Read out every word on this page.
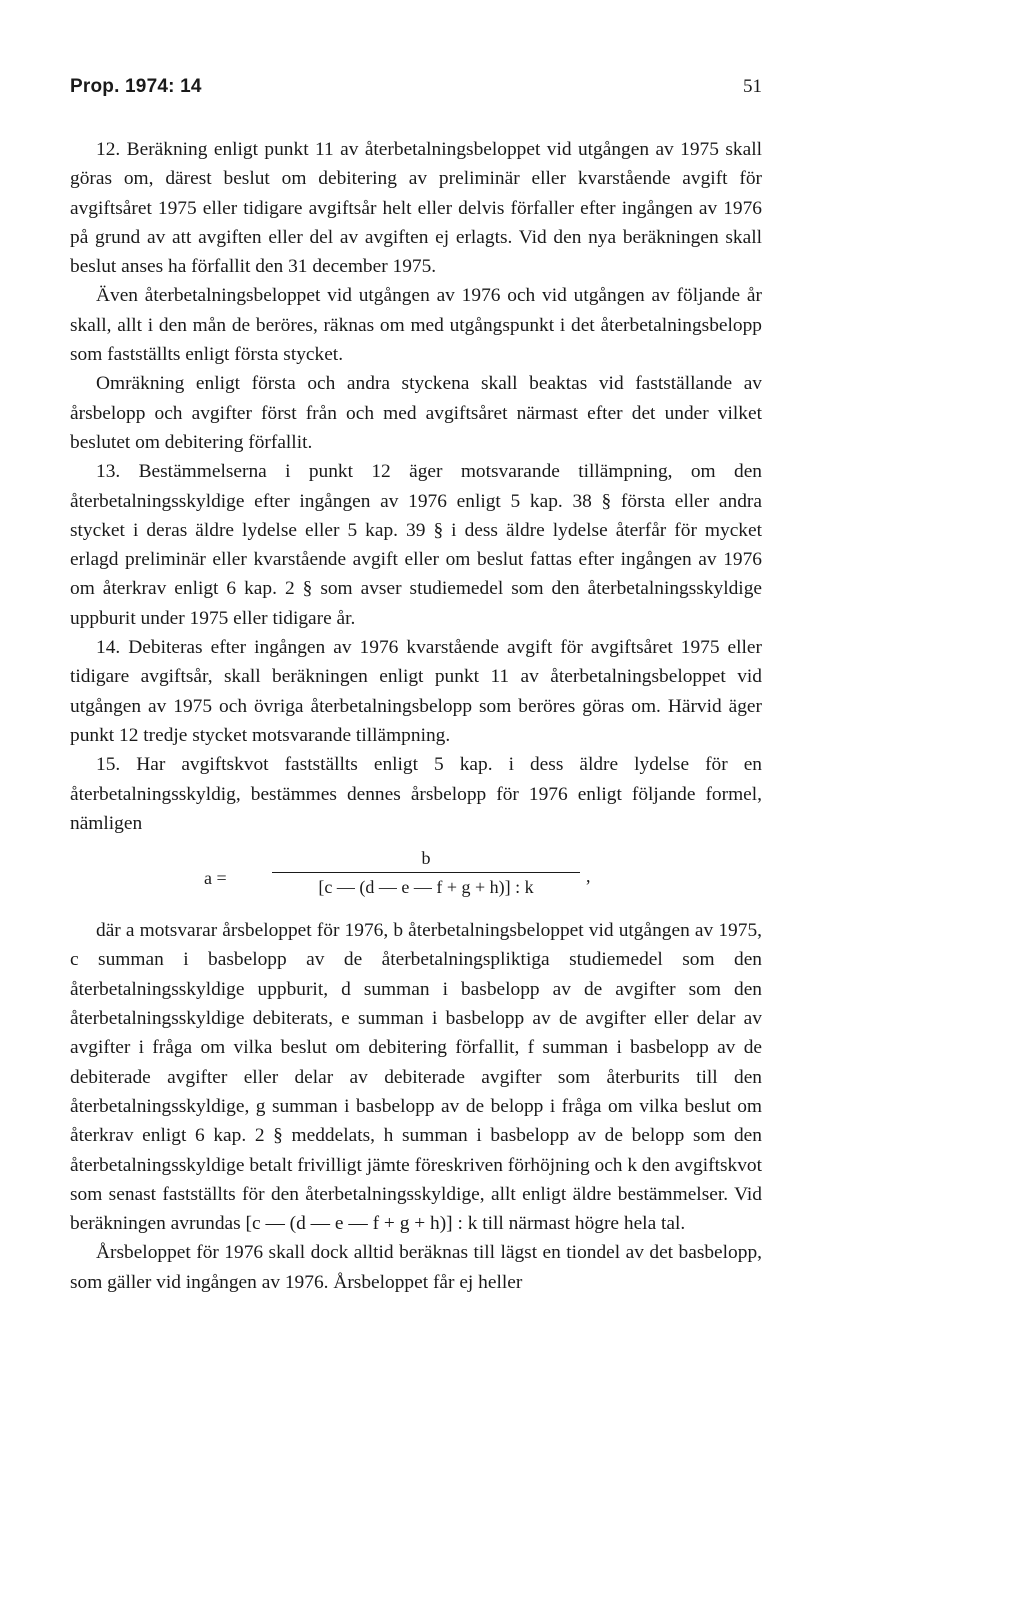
Prop. 1974: 14	51

12. Beräkning enligt punkt 11 av återbetalningsbeloppet vid utgången av 1975 skall göras om, därest beslut om debitering av preliminär eller kvarstående avgift för avgiftsåret 1975 eller tidigare avgiftsår helt eller delvis förfaller efter ingången av 1976 på grund av att avgiften eller del av avgiften ej erlagts. Vid den nya beräkningen skall beslut anses ha förfallit den 31 december 1975.

Även återbetalningsbeloppet vid utgången av 1976 och vid utgången av följande år skall, allt i den mån de beröres, räknas om med utgångspunkt i det återbetalningsbelopp som fastställts enligt första stycket.

Omräkning enligt första och andra styckena skall beaktas vid fastställande av årsbelopp och avgifter först från och med avgiftsåret närmast efter det under vilket beslutet om debitering förfallit.

13. Bestämmelserna i punkt 12 äger motsvarande tillämpning, om den återbetalningsskyldige efter ingången av 1976 enligt 5 kap. 38 § första eller andra stycket i deras äldre lydelse eller 5 kap. 39 § i dess äldre lydelse återfår för mycket erlagd preliminär eller kvarstående avgift eller om beslut fattas efter ingången av 1976 om återkrav enligt 6 kap. 2 § som avser studiemedel som den återbetalningsskyldige uppburit under 1975 eller tidigare år.

14. Debiteras efter ingången av 1976 kvarstående avgift för avgiftsåret 1975 eller tidigare avgiftsår, skall beräkningen enligt punkt 11 av återbetalningsbeloppet vid utgången av 1975 och övriga återbetalningsbelopp som beröres göras om. Härvid äger punkt 12 tredje stycket motsvarande tillämpning.

15. Har avgiftskvot fastställts enligt 5 kap. i dess äldre lydelse för en återbetalningsskyldig, bestämmes dennes årsbelopp för 1976 enligt följande formel, nämligen

a =
b
[c — (d — e — f + g + h)] : k
,

där a motsvarar årsbeloppet för 1976, b återbetalningsbeloppet vid utgången av 1975, c summan i basbelopp av de återbetalningspliktiga studiemedel som den återbetalningsskyldige uppburit, d summan i basbelopp av de avgifter som den återbetalningsskyldige debiterats, e summan i basbelopp av de avgifter eller delar av avgifter i fråga om vilka beslut om debitering förfallit, f summan i basbelopp av de debiterade avgifter eller delar av debiterade avgifter som återburits till den återbetalningsskyldige, g summan i basbelopp av de belopp i fråga om vilka beslut om återkrav enligt 6 kap. 2 § meddelats, h summan i basbelopp av de belopp som den återbetalningsskyldige betalt frivilligt jämte föreskriven förhöjning och k den avgiftskvot som senast fastställts för den återbetalningsskyldige, allt enligt äldre bestämmelser. Vid beräkningen avrundas [c — (d — e — f + g + h)] : k till närmast högre hela tal.

Årsbeloppet för 1976 skall dock alltid beräknas till lägst en tiondel av det basbelopp, som gäller vid ingången av 1976. Årsbeloppet får ej heller
